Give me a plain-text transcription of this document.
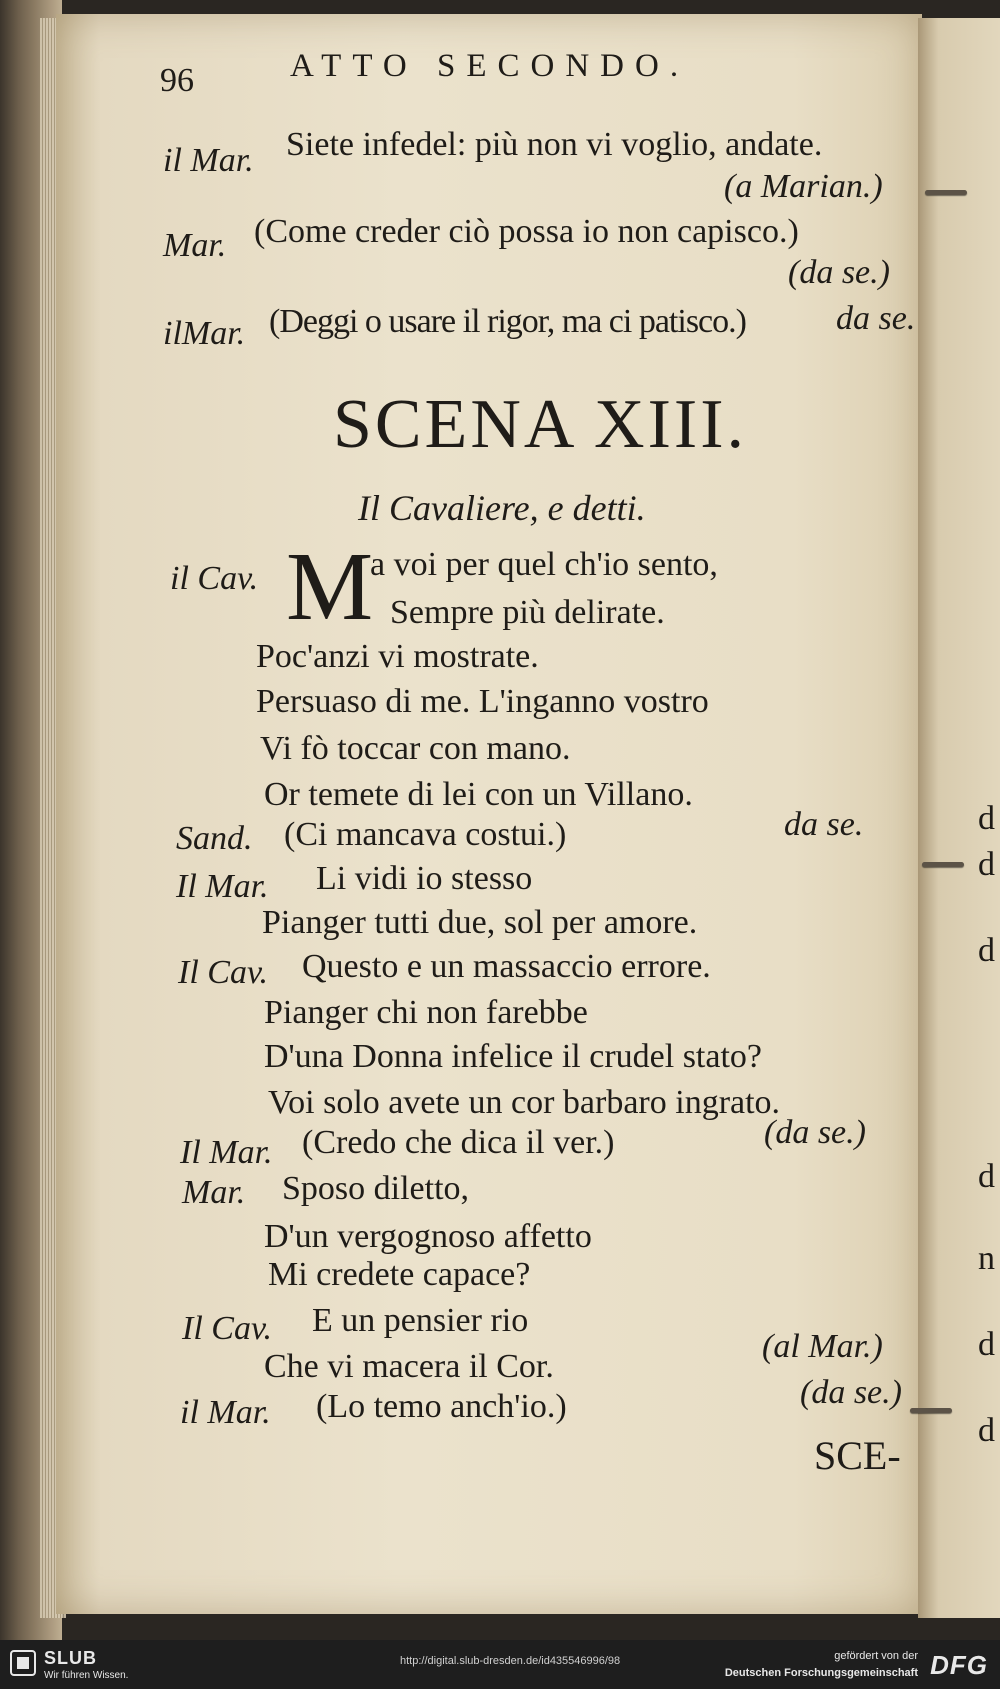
d
d
d
d
n
d
d
96	ATTO SECONDO.
il Mar. Siete infedel: più non vi voglio, andate.
(a Marian.)
Mar. (Come creder ciò possa io non capisco.)
(da se.)
ilMar. (Deggi o usare il rigor, ma ci patisco.)	da se.
SCENA XIII.
Il Cavaliere, e detti.
il Cav. M
a voi per quel ch'io sento,
Sempre più delirate.
Poc'anzi vi mostrate.
Persuaso di me. L'inganno vostro
Vi fò toccar con mano.
Or temete di lei con un Villano.
Sand. (Ci mancava costui.)	da se.
Il Mar. Li vidi io stesso
Pianger tutti due, sol per amore.
Il Cav. Questo e un massaccio errore.
Pianger chi non farebbe
D'una Donna infelice il crudel stato?
Voi solo avete un cor barbaro ingrato.
Il Mar. (Credo che dica il ver.)	(da se.)
Mar. Sposo diletto,
D'un vergognoso affetto
Mi credete capace?
Il Cav. E un pensier rio
Che vi macera il Cor.
(al Mar.)
il Mar. (Lo temo anch'io.)	(da se.)
SCE-
SLUB
Wir führen Wissen.
http://digital.slub-dresden.de/id435546996/98	gefördert von der
Deutschen Forschungsgemeinschaft DFG
